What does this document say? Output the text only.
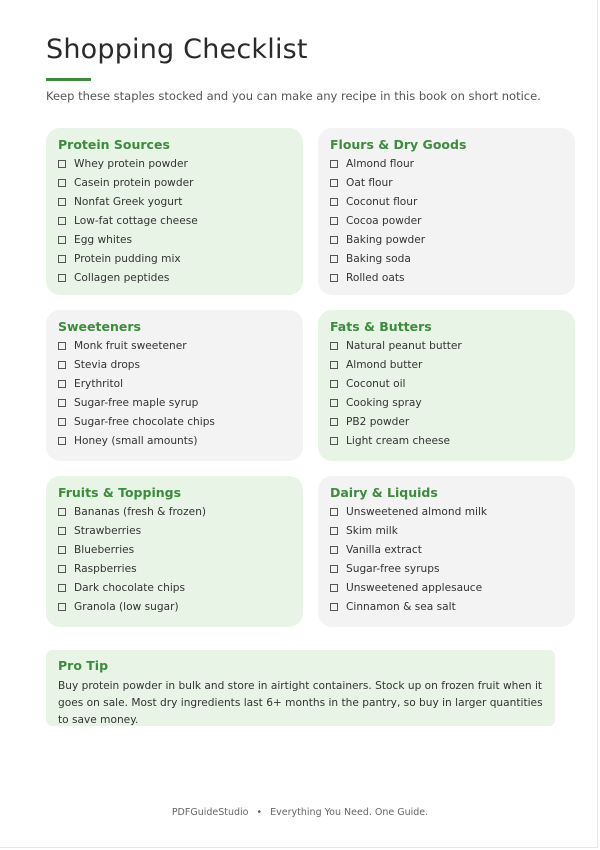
Shopping Checklist

Keep these staples stocked and you can make any recipe in this book on short notice.

Protein Sources
Whey protein powder
Casein protein powder
Nonfat Greek yogurt
Low-fat cottage cheese
Egg whites
Protein pudding mix
Collagen peptides
Flours & Dry Goods
Almond flour
Oat flour
Coconut flour
Cocoa powder
Baking powder
Baking soda
Rolled oats
Sweeteners
Monk fruit sweetener
Stevia drops
Erythritol
Sugar-free maple syrup
Sugar-free chocolate chips
Honey (small amounts)
Fats & Butters
Natural peanut butter
Almond butter
Coconut oil
Cooking spray
PB2 powder
Light cream cheese
Fruits & Toppings
Bananas (fresh & frozen)
Strawberries
Blueberries
Raspberries
Dark chocolate chips
Granola (low sugar)
Dairy & Liquids
Unsweetened almond milk
Skim milk
Vanilla extract
Sugar-free syrups
Unsweetened applesauce
Cinnamon & sea salt
Pro Tip

Buy protein powder in bulk and store in airtight containers. Stock up on frozen fruit when it goes on sale. Most dry ingredients last 6+ months in the pantry, so buy in larger quantities to save money.

PDFGuideStudio • Everything You Need. One Guide.
